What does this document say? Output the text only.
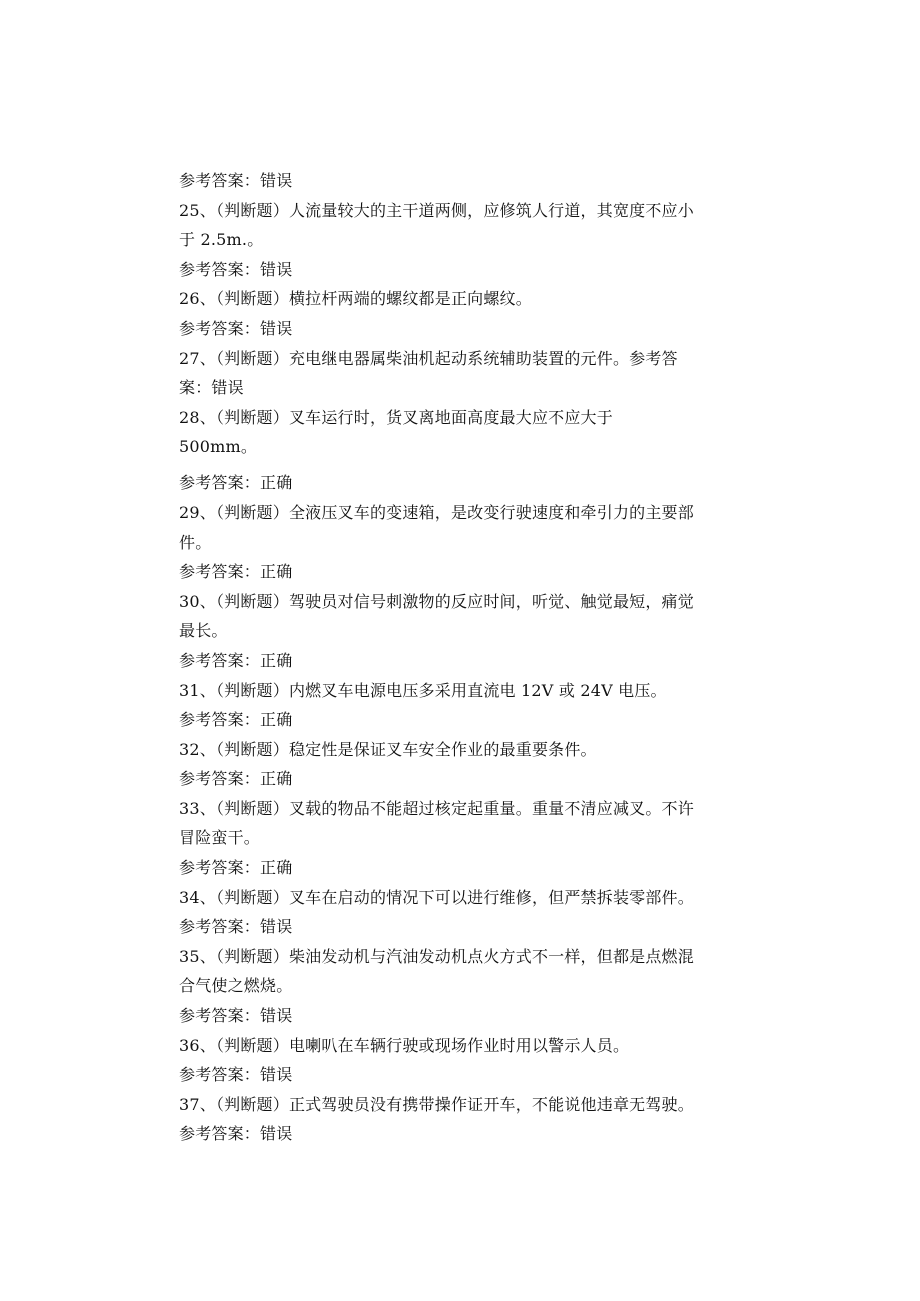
参考答案：错误
25、（判断题）人流量较大的主干道两侧，应修筑人行道，其宽度不应小
于 2.5m.。
参考答案：错误
26、（判断题）横拉杆两端的螺纹都是正向螺纹。
参考答案：错误
27、（判断题）充电继电器属柴油机起动系统辅助装置的元件。参考答
案：错误
28、（判断题）叉车运行时，货叉离地面高度最大应不应大于
500mm。
参考答案：正确
29、（判断题）全液压叉车的变速箱，是改变行驶速度和牵引力的主要部
件。
参考答案：正确
30、（判断题）驾驶员对信号刺激物的反应时间，听觉、触觉最短，痛觉
最长。
参考答案：正确
31、（判断题）内燃叉车电源电压多采用直流电 12V 或 24V 电压。
参考答案：正确
32、（判断题）稳定性是保证叉车安全作业的最重要条件。
参考答案：正确
33、（判断题）叉载的物品不能超过核定起重量。重量不清应减叉。不许
冒险蛮干。
参考答案：正确
34、（判断题）叉车在启动的情况下可以进行维修，但严禁拆装零部件。
参考答案：错误
35、（判断题）柴油发动机与汽油发动机点火方式不一样，但都是点燃混
合气使之燃烧。
参考答案：错误
36、（判断题）电喇叭在车辆行驶或现场作业时用以警示人员。
参考答案：错误
37、（判断题）正式驾驶员没有携带操作证开车，不能说他违章无驾驶。
参考答案：错误
